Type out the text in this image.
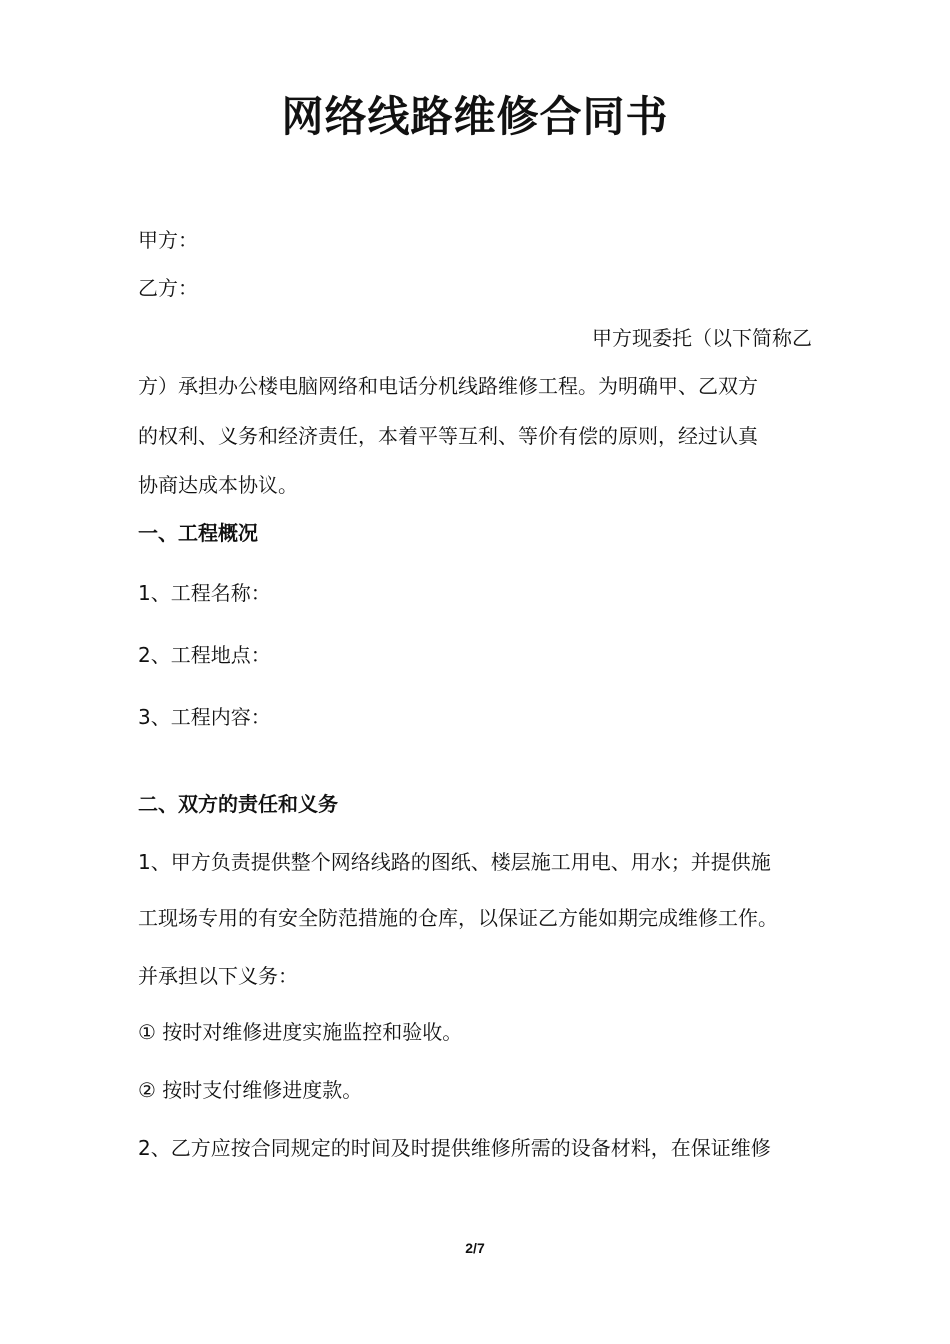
网络线路维修合同书
甲方：
乙方：
甲方现委托（以下简称乙
方）承担办公楼电脑网络和电话分机线路维修工程。为明确甲、乙双方
的权利、义务和经济责任，本着平等互利、等价有偿的原则，经过认真
协商达成本协议。
一、工程概况
1、工程名称：
2、工程地点：
3、工程内容：
二、双方的责任和义务
1、甲方负责提供整个网络线路的图纸、楼层施工用电、用水；并提供施
工现场专用的有安全防范措施的仓库，以保证乙方能如期完成维修工作。
并承担以下义务：
① 按时对维修进度实施监控和验收。
② 按时支付维修进度款。
2、乙方应按合同规定的时间及时提供维修所需的设备材料，在保证维修
2/7
